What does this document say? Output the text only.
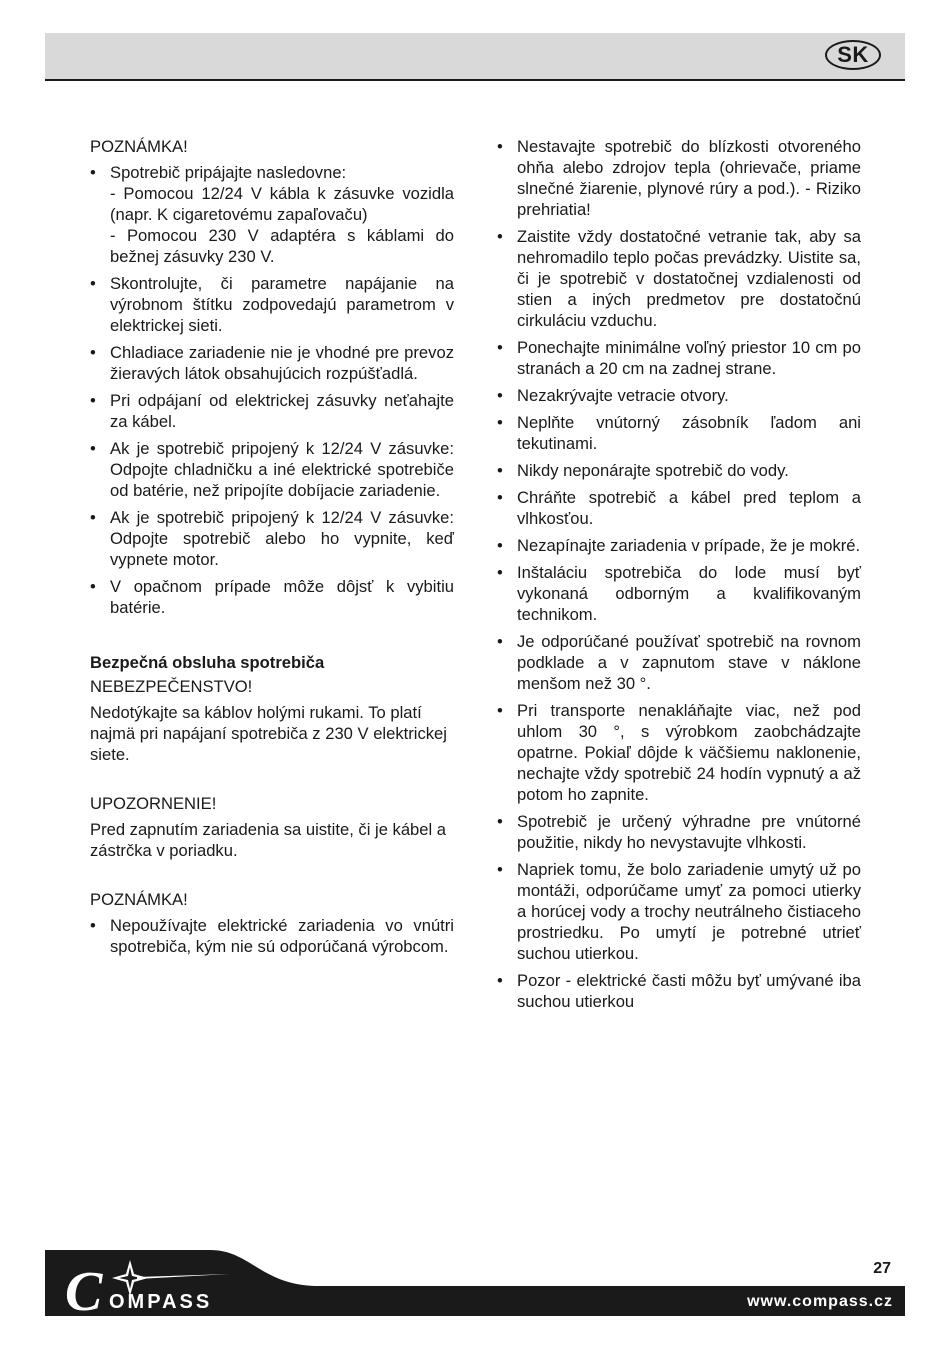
SK

POZNÁMKA!

• Spotrebič pripájajte nasledovne:
- Pomocou 12/24 V kábla k zásuvke vozidla (napr. K cigaretovému zapaľovaču)
- Pomocou 230 V adaptéra s káblami do bežnej zásuvky 230 V.
• Skontrolujte, či parametre napájanie na výrobnom štítku zodpovedajú parametrom v elektrickej sieti.
• Chladiace zariadenie nie je vhodné pre prevoz žieravých látok obsahujúcich rozpúšťadlá.
• Pri odpájaní od elektrickej zásuvky neťahajte za kábel.
• Ak je spotrebič pripojený k 12/24 V zásuvke: Odpojte chladničku a iné elektrické spotrebiče od batérie, než pripojíte dobíjacie zariadenie.
• Ak je spotrebič pripojený k 12/24 V zásuvke: Odpojte spotrebič alebo ho vypnite, keď vypnete motor.
• V opačnom prípade môže dôjsť k vybitiu batérie.

Bezpečná obsluha spotrebiča

NEBEZPEČENSTVO!

Nedotýkajte sa káblov holými rukami. To platí najmä pri napájaní spotrebiča z 230 V elektrickej siete.

UPOZORNENIE!

Pred zapnutím zariadenia sa uistite, či je kábel a zástrčka v poriadku.

POZNÁMKA!

• Nepoužívajte elektrické zariadenia vo vnútri spotrebiča, kým nie sú odporúčaná výrobcom.
• Nestavajte spotrebič do blízkosti otvoreného ohňa alebo zdrojov tepla (ohrievače, priame slnečné žiarenie, plynové rúry a pod.). - Riziko prehriatia!
• Zaistite vždy dostatočné vetranie tak, aby sa nehromadilo teplo počas prevádzky. Uistite sa, či je spotrebič v dostatočnej vzdialenosti od stien a iných predmetov pre dostatočnú cirkuláciu vzduchu.
• Ponechajte minimálne voľný priestor 10 cm po stranách a 20 cm na zadnej strane.
• Nezakrývajte vetracie otvory.
• Neplňte vnútorný zásobník ľadom ani tekutinami.
• Nikdy neponárajte spotrebič do vody.
• Chráňte spotrebič a kábel pred teplom a vlhkosťou.
• Nezapínajte zariadenia v prípade, že je mokré.
• Inštaláciu spotrebiča do lode musí byť vykonaná odborným a kvalifikovaným technikom.
• Je odporúčané používať spotrebič na rovnom podklade a v zapnutom stave v náklone menšom než 30 °.
• Pri transporte nenakláňajte viac, než pod uhlom 30 °, s výrobkom zaobchádzajte opatrne. Pokiaľ dôjde k väčšiemu naklonenie, nechajte vždy spotrebič 24 hodín vypnutý a až potom ho zapnite.
• Spotrebič je určený výhradne pre vnútorné použitie, nikdy ho nevystavujte vlhkosti.
• Napriek tomu, že bolo zariadenie umytý už po montáži, odporúčame umyť za pomoci utierky a horúcej vody a trochy neutrálneho čistiaceho prostriedku. Po umytí je potrebné utrieť suchou utierkou.
• Pozor - elektrické časti môžu byť umývané iba suchou utierkou
C OMPASS
27
www.compass.cz
